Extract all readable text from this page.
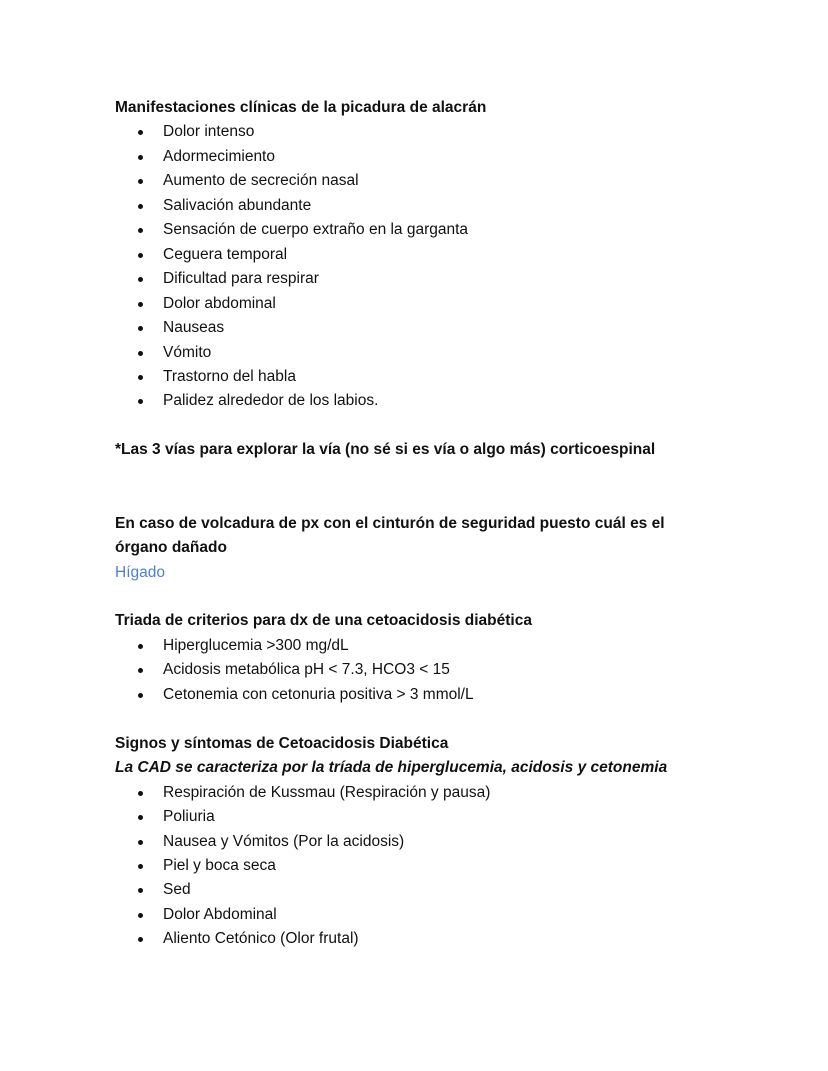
Manifestaciones clínicas de la picadura de alacrán

Dolor intenso
Adormecimiento
Aumento de secreción nasal
Salivación abundante
Sensación de cuerpo extraño en la garganta
Ceguera temporal
Dificultad para respirar
Dolor abdominal
Nauseas
Vómito
Trastorno del habla
Palidez alrededor de los labios.

*Las 3 vías para explorar la vía (no sé si es vía o algo más) corticoespinal

En caso de volcadura de px con el cinturón de seguridad puesto cuál es el órgano dañado

Hígado

Triada de criterios para dx de una cetoacidosis diabética

Hiperglucemia >300 mg/dL
Acidosis metabólica pH < 7.3, HCO3 < 15
Cetonemia con cetonuria positiva > 3 mmol/L

Signos y síntomas de Cetoacidosis Diabética

La CAD se caracteriza por la tríada de hiperglucemia, acidosis y cetonemia

Respiración de Kussmau (Respiración y pausa)
Poliuria
Nausea y Vómitos (Por la acidosis)
Piel y boca seca
Sed
Dolor Abdominal
Aliento Cetónico (Olor frutal)
